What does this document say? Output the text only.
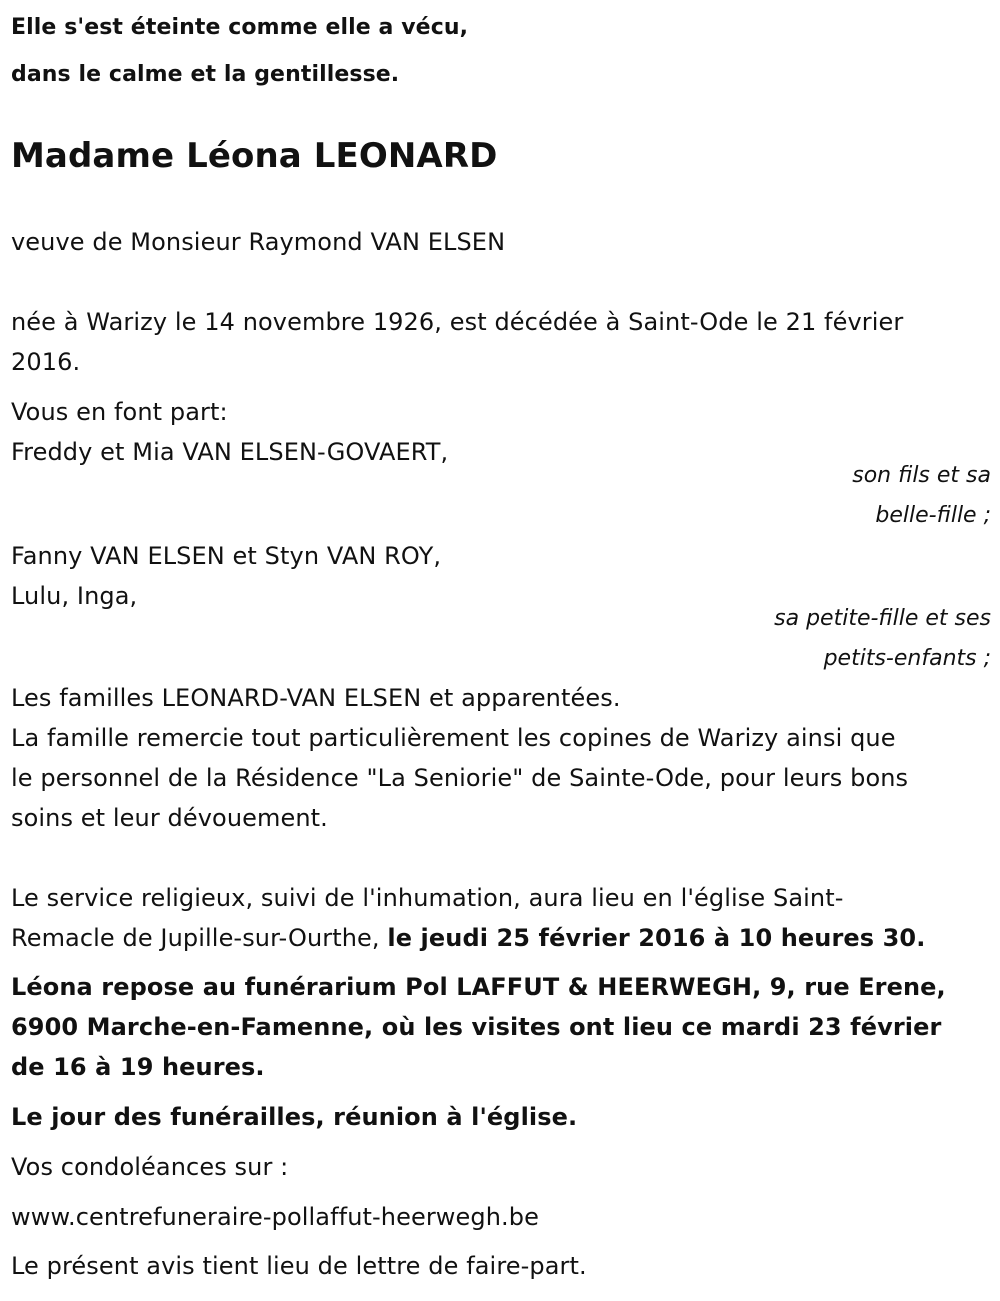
Elle s'est éteinte comme elle a vécu,
dans le calme et la gentillesse.
Madame Léona LEONARD
veuve de Monsieur Raymond VAN ELSEN
née à Warizy le 14 novembre 1926, est décédée à Saint-Ode le 21 février
2016.
Vous en font part:
Freddy et Mia VAN ELSEN-GOVAERT,
son fils et sa
belle-fille ;
Fanny VAN ELSEN et Styn VAN ROY,
Lulu, Inga,
sa petite-fille et ses
petits-enfants ;
Les familles LEONARD-VAN ELSEN et apparentées.
La famille remercie tout particulièrement les copines de Warizy ainsi que
le personnel de la Résidence "La Seniorie" de Sainte-Ode, pour leurs bons
soins et leur dévouement.
Le service religieux, suivi de l'inhumation, aura lieu en l'église Saint-
Remacle de Jupille-sur-Ourthe, le jeudi 25 février 2016 à 10 heures 30.
Léona repose au funérarium Pol LAFFUT & HEERWEGH, 9, rue Erene,
6900 Marche-en-Famenne, où les visites ont lieu ce mardi 23 février
de 16 à 19 heures.
Le jour des funérailles, réunion à l'église.
Vos condoléances sur :
www.centrefuneraire-pollaffut-heerwegh.be
Le présent avis tient lieu de lettre de faire-part.
